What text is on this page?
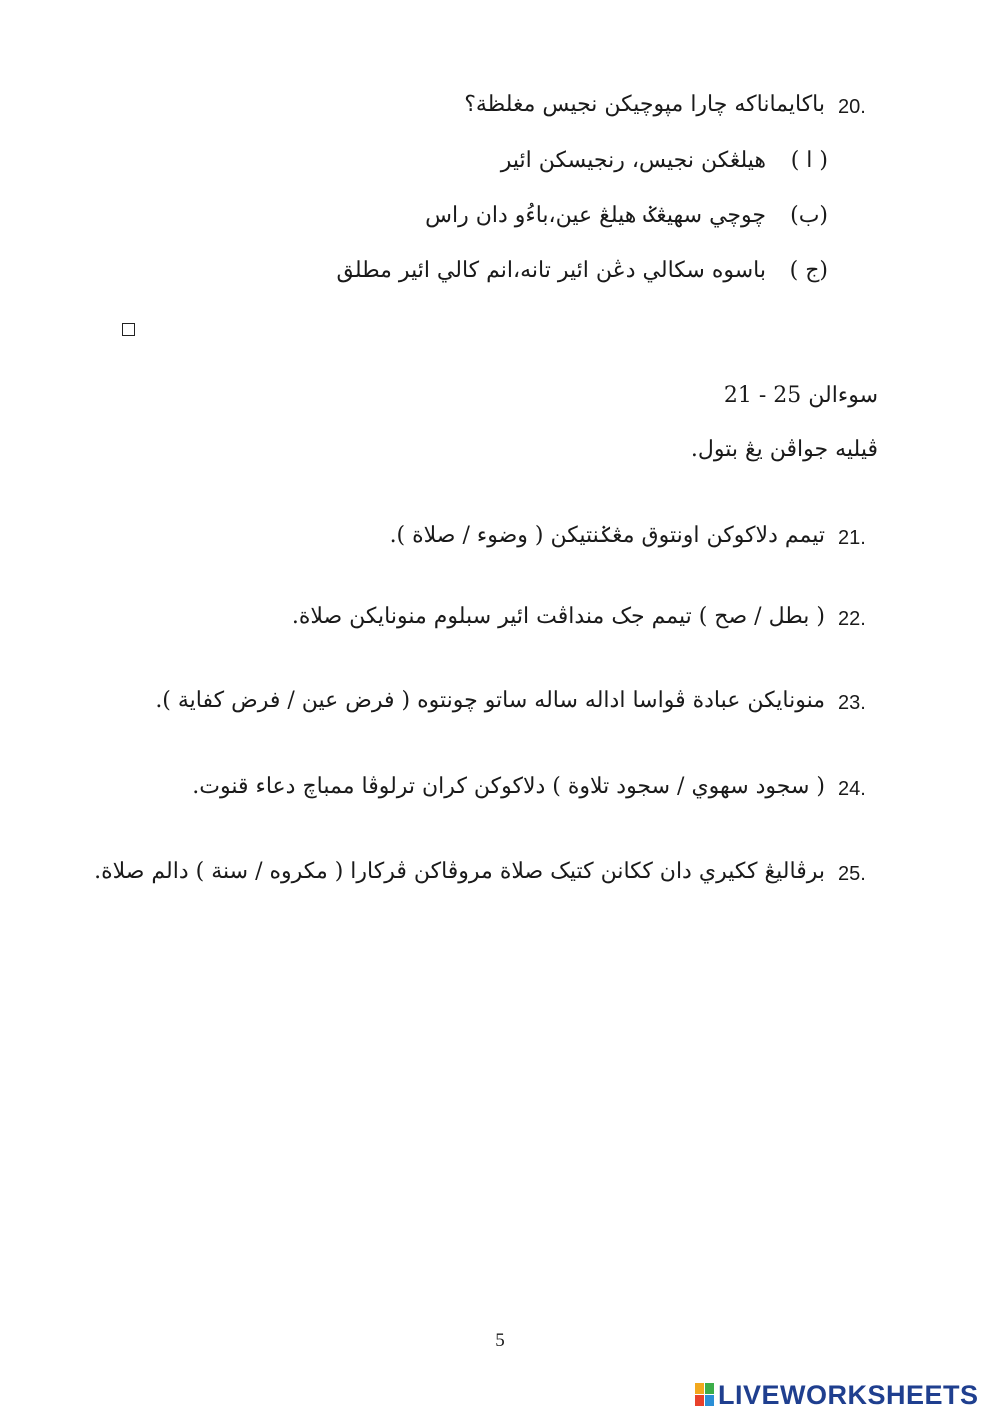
20.
باکايماناکه چارا مپوچيکن نجيس مغلظة؟
( ا )
هيلڠکن نجيس، رنجيسکن ائير
(ب)
چوچي سهيڠݢ هيلڠ عين،باءُو دان راس
(ج )
باسوه سکالي دڠن ائير تانه،انم کالي ائير مطلق
سوءالن 25 - 21
ڤيليه جواڤن يڠ بتول.
21.
تيمم دلاکوکن اونتوق مڠݢنتيکن ( وضوء / صلاة ).
22.
( بطل / صح ) تيمم جک منداڤت ائير سبلوم منونايکن صلاة.
23.
منونايکن عبادة ڤواسا اداله ساله ساتو چونتوه ( فرض عين / فرض کفاية ).
24.
( سجود سهوي / سجود تلاوة ) دلاکوکن کران ترلوڤا ممباچ دعاء قنوت.
25.
برڤاليڠ ککيري دان ککانن کتيک صلاة مروڤاکن ڤرکارا ( مکروه / سنة ) دالم صلاة.
5
LIVEWORKSHEETS
